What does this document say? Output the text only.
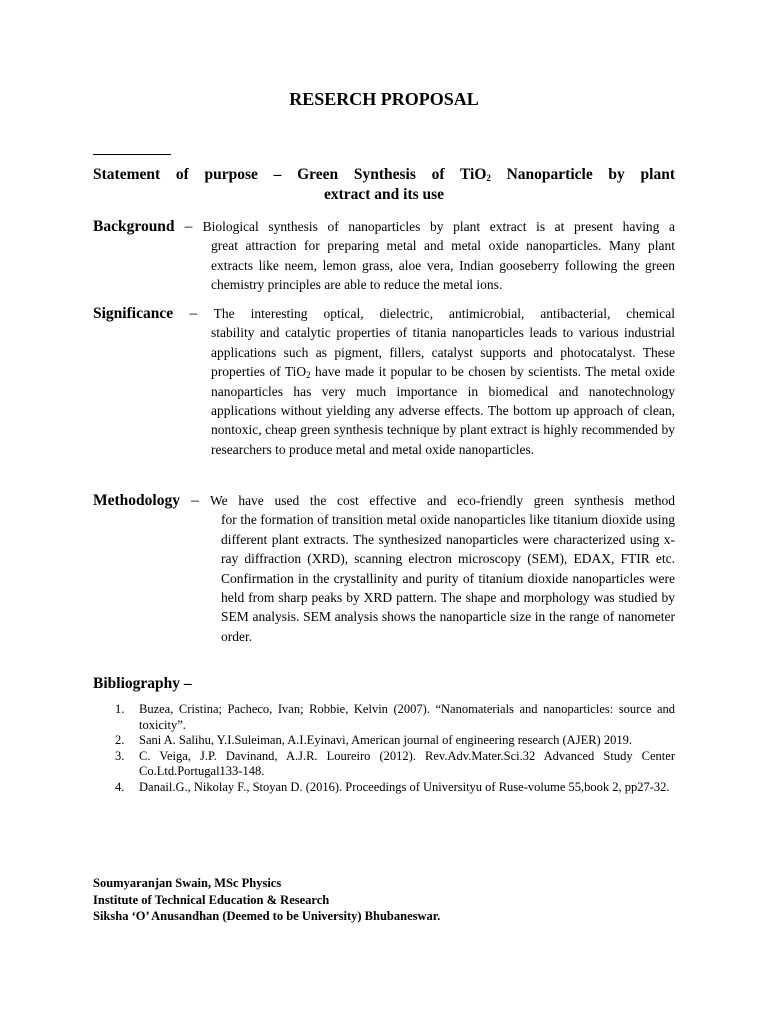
RESERCH PROPOSAL
Statement of purpose – Green Synthesis of TiO$_2$ Nanoparticle by plant
extract and its use
Background – Biological synthesis of nanoparticles by plant extract is at present having a
great attraction for preparing metal and metal oxide nanoparticles. Many plant extracts like neem, lemon grass, aloe vera, Indian gooseberry following the green chemistry principles are able to reduce the metal ions.
Significance – The interesting optical, dielectric, antimicrobial, antibacterial, chemical
stability and catalytic properties of titania nanoparticles leads to various industrial applications such as pigment, fillers, catalyst supports and photocatalyst. These properties of TiO$_2$ have made it popular to be chosen by scientists. The metal oxide nanoparticles has very much importance in biomedical and nanotechnology applications without yielding any adverse effects. The bottom up approach of clean, nontoxic, cheap green synthesis technique by plant extract is highly recommended by researchers to produce metal and metal oxide nanoparticles.
Methodology – We have used the cost effective and eco-friendly green synthesis method
for the formation of transition metal oxide nanoparticles like titanium dioxide using different plant extracts. The synthesized nanoparticles were characterized using x-ray diffraction (XRD), scanning electron microscopy (SEM), EDAX, FTIR etc. Confirmation in the crystallinity and purity of titanium dioxide nanoparticles were held from sharp peaks by XRD pattern. The shape and morphology was studied by SEM analysis. SEM analysis shows the nanoparticle size in the range of nanometer order.
Bibliography –
1. Buzea, Cristina; Pacheco, Ivan; Robbie, Kelvin (2007). “Nanomaterials and nanoparticles: source and toxicity”.
2. Sani A. Salihu, Y.I.Suleiman, A.I.Eyinavi, American journal of engineering research (AJER) 2019.
3. C. Veiga, J.P. Davinand, A.J.R. Loureiro (2012). Rev.Adv.Mater.Sci.32 Advanced Study Center Co.Ltd.Portugal133-148.
4. Danail.G., Nikolay F., Stoyan D. (2016). Proceedings of Universityu of Ruse-volume 55,book 2, pp27-32.
Soumyaranjan Swain, MSc Physics
Institute of Technical Education & Research
Siksha ‘O’ Anusandhan (Deemed to be University) Bhubaneswar.
